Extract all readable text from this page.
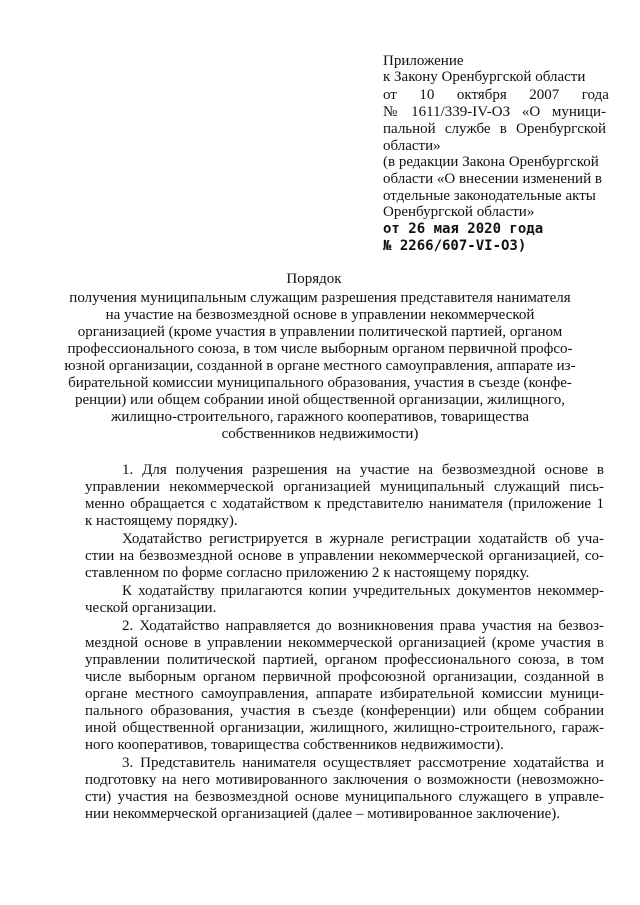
Приложение
к Закону Оренбургской области
от      10      октября      2007      года
№  1611/339-IV-ОЗ  «О  муници-
пальной службе в Оренбургской
области»
(в редакции Закона Оренбургской
области «О внесении изменений в
отдельные законодательные акты
Оренбургской области»
от 26 мая 2020 года
№ 2266/607-VI-ОЗ)
Порядок
получения муниципальным служащим разрешения представителя нанимателя
на участие на безвозмездной основе в управлении некоммерческой
организацией (кроме участия в управлении политической партией, органом
профессионального союза, в том числе выборным органом первичной профсо-
юзной организации, созданной в органе местного самоуправления, аппарате из-
бирательной комиссии муниципального образования, участия в съезде (конфе-
ренции) или общем собрании иной общественной организации, жилищного,
жилищно-строительного, гаражного кооперативов, товарищества
собственников недвижимости)
1. Для получения разрешения на участие на безвозмездной основе в
управлении некоммерческой организацией муниципальный служащий пись-
менно обращается с ходатайством к представителю нанимателя (приложение 1
к настоящему порядку).
Ходатайство регистрируется в журнале регистрации ходатайств об уча-
стии на безвозмездной основе в управлении некоммерческой организацией, со-
ставленном по форме согласно приложению 2 к настоящему порядку.
К ходатайству прилагаются копии учредительных документов некоммер-
ческой организации.
2. Ходатайство направляется до возникновения права участия на безвоз-
мездной основе в управлении некоммерческой организацией (кроме участия в
управлении политической партией, органом профессионального союза, в том
числе выборным органом первичной профсоюзной организации, созданной в
органе местного самоуправления, аппарате избирательной комиссии муници-
пального образования, участия в съезде (конференции) или общем собрании
иной общественной организации, жилищного, жилищно-строительного, гараж-
ного кооперативов, товарищества собственников недвижимости).
3. Представитель нанимателя осуществляет рассмотрение ходатайства и
подготовку на него мотивированного заключения о возможности (невозможно-
сти) участия на безвозмездной основе муниципального служащего в управле-
нии некоммерческой организацией (далее – мотивированное заключение).
